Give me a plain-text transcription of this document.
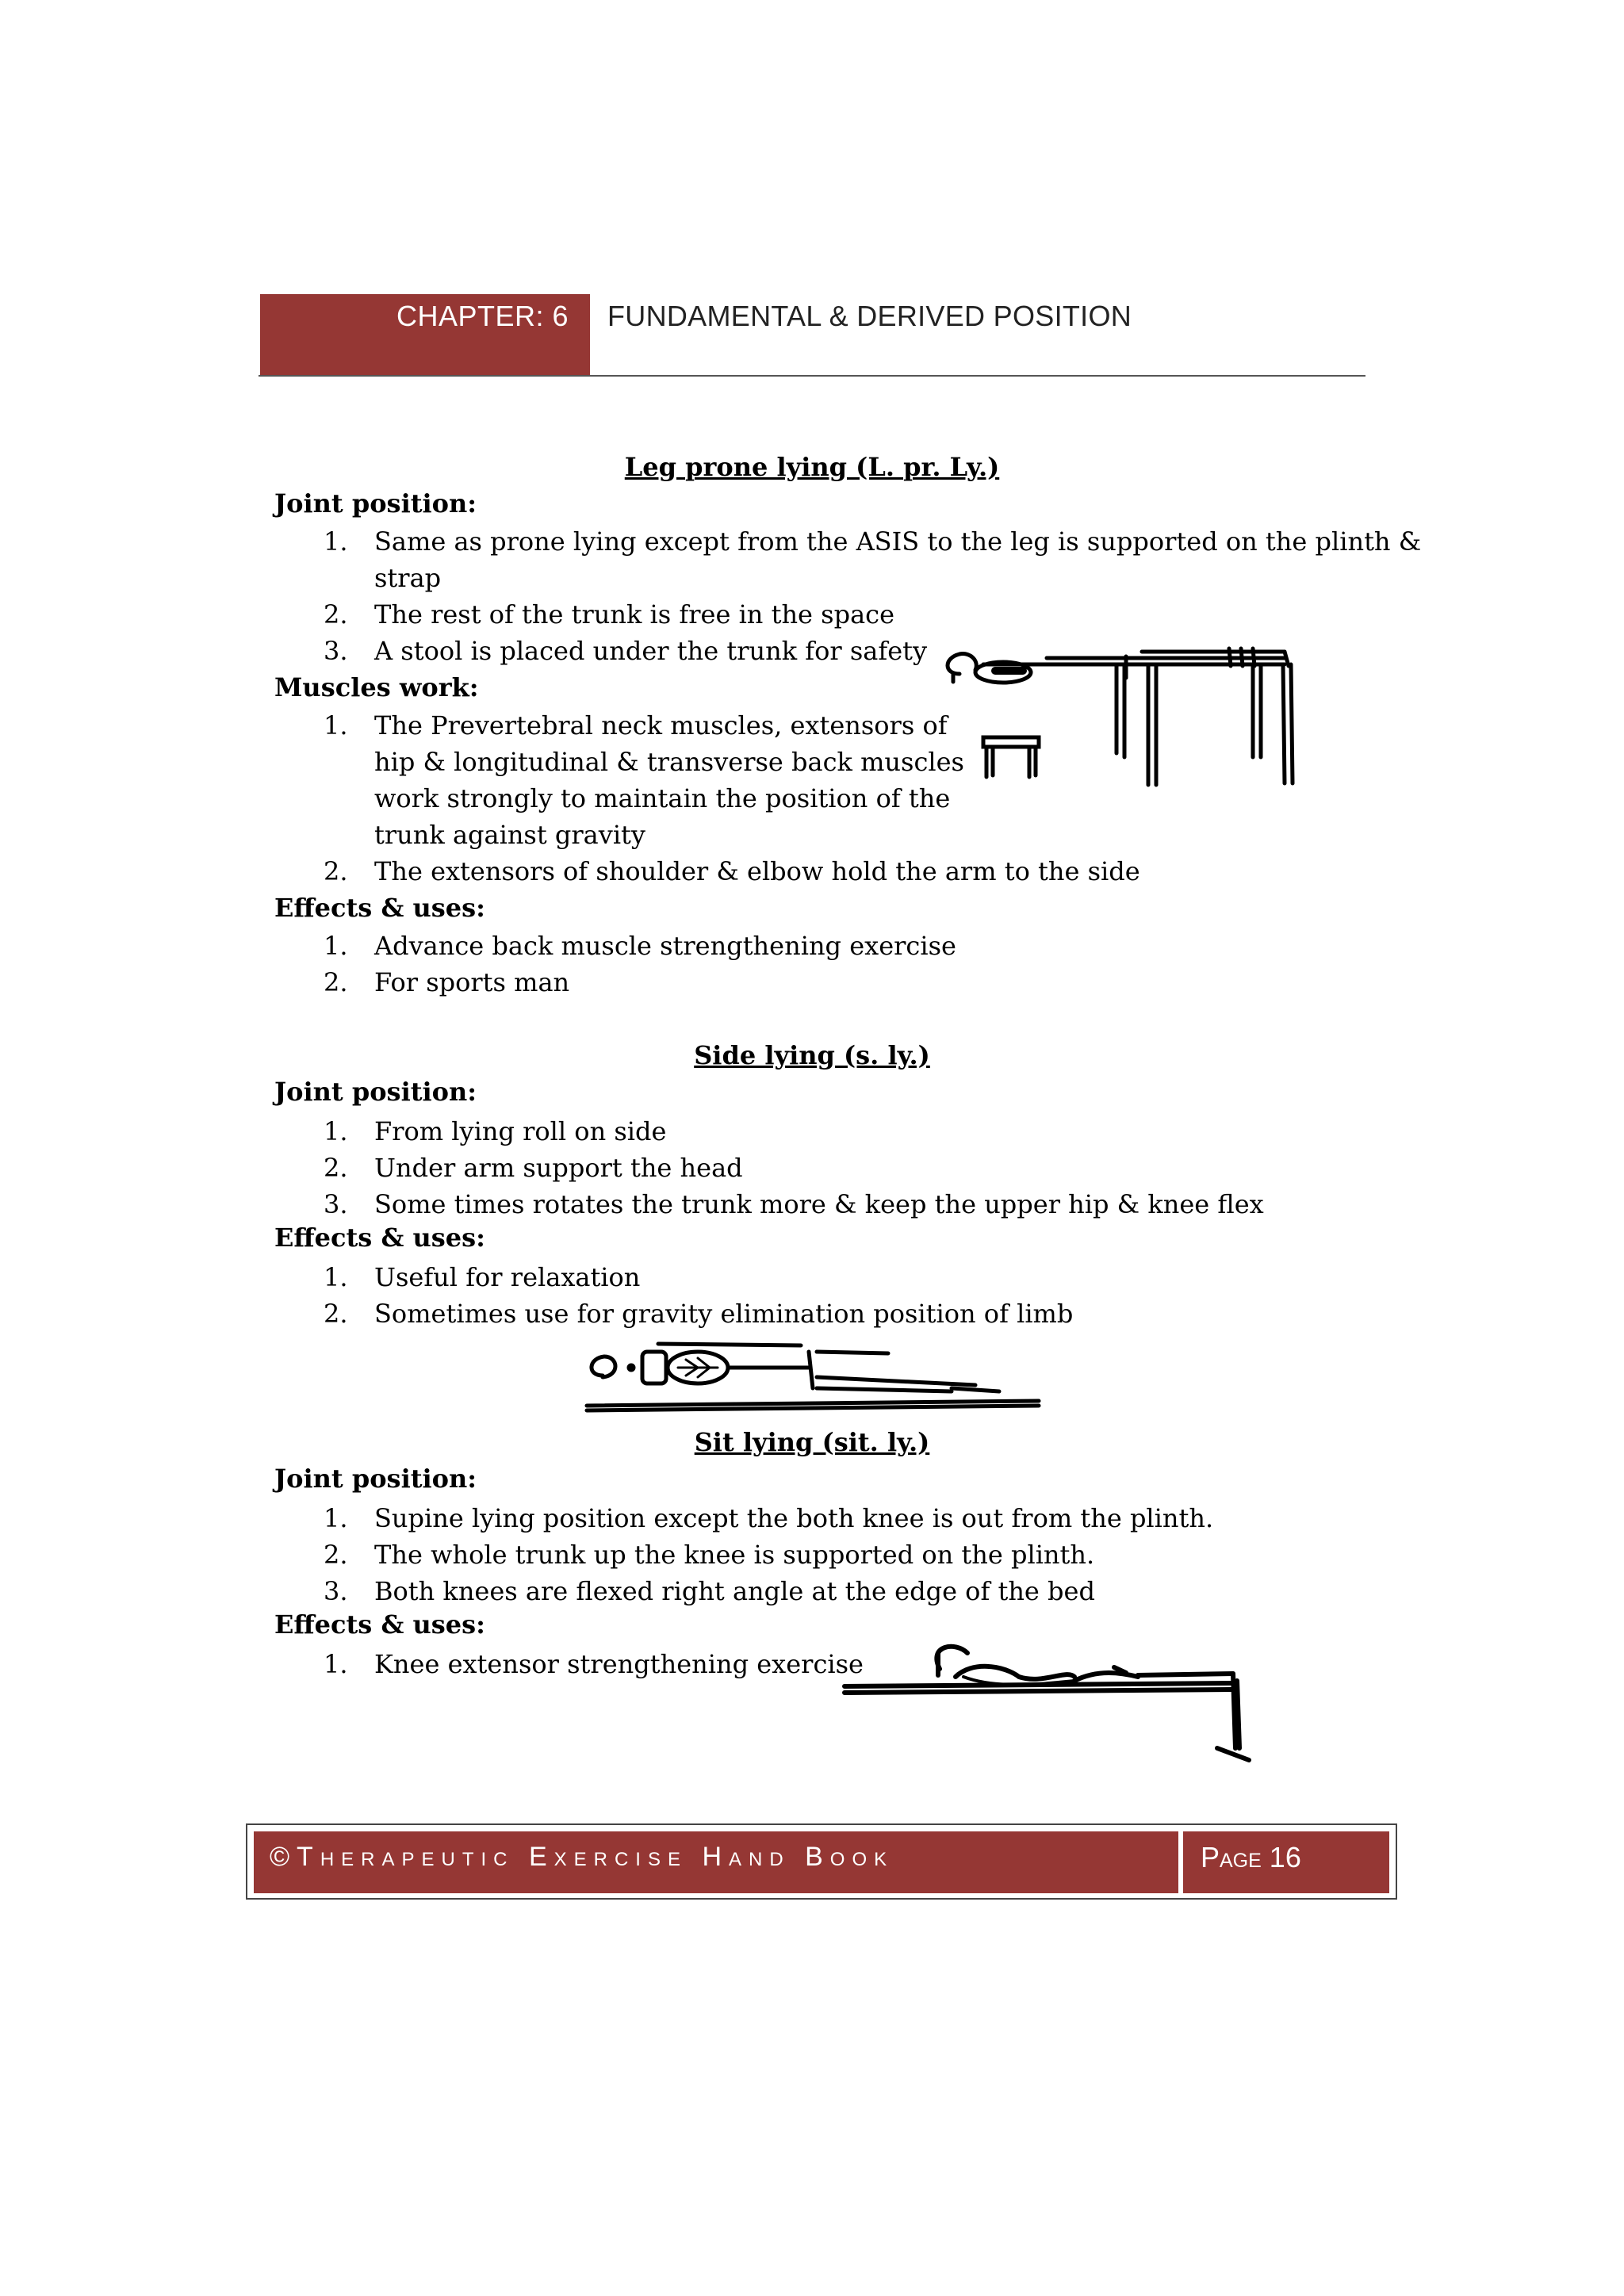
CHAPTER: 6 FUNDAMENTAL & DERIVED POSITION
Leg prone lying (L. pr. Ly.)
Joint position:
1. Same as prone lying except from the ASIS to the leg is supported on the plinth &
strap
2. The rest of the trunk is free in the space
3. A stool is placed under the trunk for safety
Muscles work:
1. The Prevertebral neck muscles, extensors of
hip & longitudinal & transverse back muscles
work strongly to maintain the position of the
trunk against gravity
2. The extensors of shoulder & elbow hold the arm to the side
Effects & uses:
1. Advance back muscle strengthening exercise
2. For sports man
Side lying (s. ly.)
Joint position:
1. From lying roll on side
2. Under arm support the head
3. Some times rotates the trunk more & keep the upper hip & knee flex
Effects & uses:
1. Useful for relaxation
2. Sometimes use for gravity elimination position of limb
Sit lying (sit. ly.)
Joint position:
1. Supine lying position except the both knee is out from the plinth.
2. The whole trunk up the knee is supported on the plinth.
3. Both knees are flexed right angle at the edge of the bed
Effects & uses:
1. Knee extensor strengthening exercise
©Therapeutic Exercise Hand Book	Page 16
